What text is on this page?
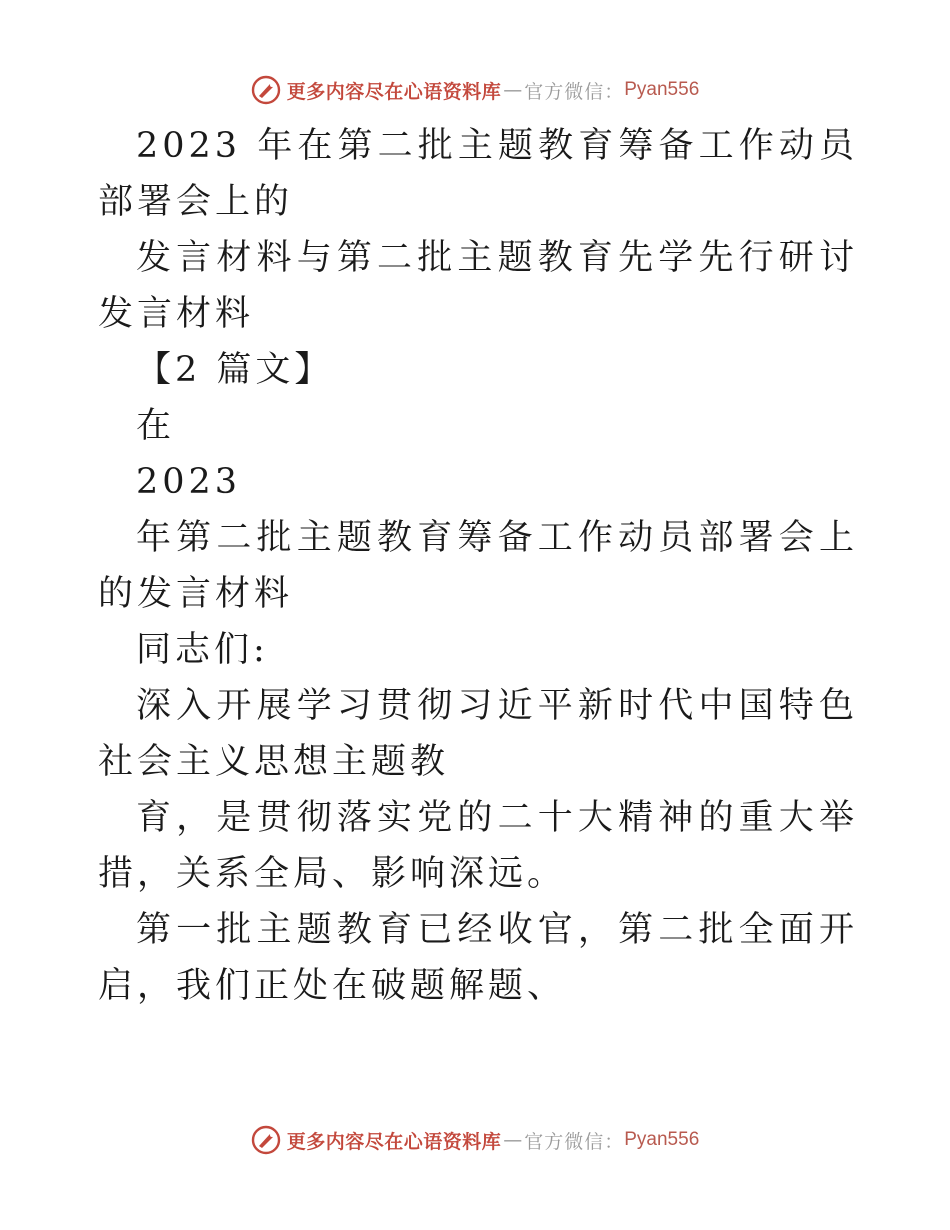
更多内容尽在心语资料库 — 官方微信： Pyan556

2023 年在第二批主题教育筹备工作动员部署会上的

发言材料与第二批主题教育先学先行研讨发言材料

【2 篇文】

在

2023

年第二批主题教育筹备工作动员部署会上的发言材料

同志们:

深入开展学习贯彻习近平新时代中国特色社会主义思想主题教

育，是贯彻落实党的二十大精神的重大举措，关系全局、影响深远。

第一批主题教育已经收官，第二批全面开启，我们正处在破题解题、

更多内容尽在心语资料库 — 官方微信： Pyan556
